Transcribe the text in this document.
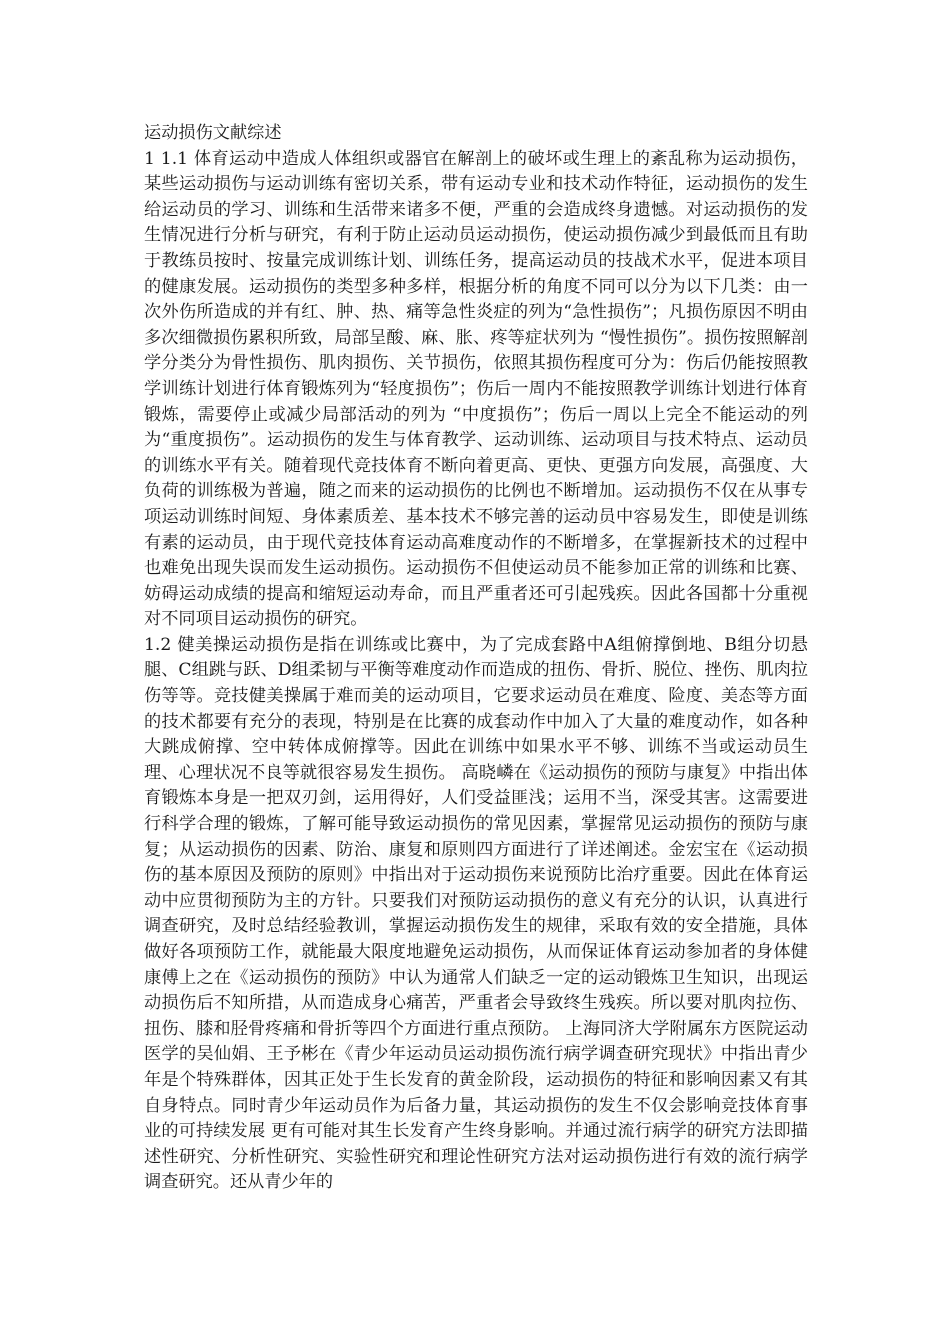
运动损伤文献综述

1 1.1 体育运动中造成人体组织或器官在解剖上的破坏或生理上的紊乱称为运动损伤，某些运动损伤与运动训练有密切关系，带有运动专业和技术动作特征，运动损伤的发生给运动员的学习、训练和生活带来诸多不便，严重的会造成终身遗憾。对运动损伤的发生情况进行分析与研究，有利于防止运动员运动损伤，使运动损伤减少到最低而且有助于教练员按时、按量完成训练计划、训练任务，提高运动员的技战术水平，促进本项目的健康发展。运动损伤的类型多种多样，根据分析的角度不同可以分为以下几类：由一次外伤所造成的并有红、肿、热、痛等急性炎症的列为“急性损伤”；凡损伤原因不明由多次细微损伤累积所致，局部呈酸、麻、胀、疼等症状列为 “慢性损伤”。损伤按照解剖学分类分为骨性损伤、肌肉损伤、关节损伤，依照其损伤程度可分为：伤后仍能按照教学训练计划进行体育锻炼列为“轻度损伤”；伤后一周内不能按照教学训练计划进行体育锻炼，需要停止或减少局部活动的列为 “中度损伤”；伤后一周以上完全不能运动的列为“重度损伤”。运动损伤的发生与体育教学、运动训练、运动项目与技术特点、运动员的训练水平有关。随着现代竞技体育不断向着更高、更快、更强方向发展，高强度、大负荷的训练极为普遍，随之而来的运动损伤的比例也不断增加。运动损伤不仅在从事专项运动训练时间短、身体素质差、基本技术不够完善的运动员中容易发生，即使是训练有素的运动员，由于现代竞技体育运动高难度动作的不断增多，在掌握新技术的过程中也难免出现失误而发生运动损伤。运动损伤不但使运动员不能参加正常的训练和比赛、妨碍运动成绩的提高和缩短运动寿命，而且严重者还可引起残疾。因此各国都十分重视对不同项目运动损伤的研究。

1.2 健美操运动损伤是指在训练或比赛中，为了完成套路中A组俯撑倒地、B组分切悬腿、C组跳与跃、D组柔韧与平衡等难度动作而造成的扭伤、骨折、脱位、挫伤、肌肉拉伤等等。竞技健美操属于难而美的运动项目，它要求运动员在难度、险度、美态等方面的技术都要有充分的表现，特别是在比赛的成套动作中加入了大量的难度动作，如各种大跳成俯撑、空中转体成俯撑等。因此在训练中如果水平不够、训练不当或运动员生理、心理状况不良等就很容易发生损伤。 高晓嶙在《运动损伤的预防与康复》中指出体育锻炼本身是一把双刃剑，运用得好，人们受益匪浅；运用不当，深受其害。这需要进行科学合理的锻炼，了解可能导致运动损伤的常见因素，掌握常见运动损伤的预防与康复；从运动损伤的因素、防治、康复和原则四方面进行了详述阐述。金宏宝在《运动损伤的基本原因及预防的原则》中指出对于运动损伤来说预防比治疗重要。因此在体育运动中应贯彻预防为主的方针。只要我们对预防运动损伤的意义有充分的认识，认真进行调查研究，及时总结经验教训，掌握运动损伤发生的规律，采取有效的安全措施，具体做好各项预防工作，就能最大限度地避免运动损伤，从而保证体育运动参加者的身体健康傅上之在《运动损伤的预防》中认为通常人们缺乏一定的运动锻炼卫生知识，出现运动损伤后不知所措，从而造成身心痛苦，严重者会导致终生残疾。所以要对肌肉拉伤、扭伤、膝和胫骨疼痛和骨折等四个方面进行重点预防。 上海同济大学附属东方医院运动医学的吴仙娟、王予彬在《青少年运动员运动损伤流行病学调查研究现状》中指出青少年是个特殊群体，因其正处于生长发育的黄金阶段，运动损伤的特征和影响因素又有其自身特点。同时青少年运动员作为后备力量，其运动损伤的发生不仅会影响竞技体育事业的可持续发展 更有可能对其生长发育产生终身影响。并通过流行病学的研究方法即描述性研究、分析性研究、实验性研究和理论性研究方法对运动损伤进行有效的流行病学调查研究。还从青少年的
